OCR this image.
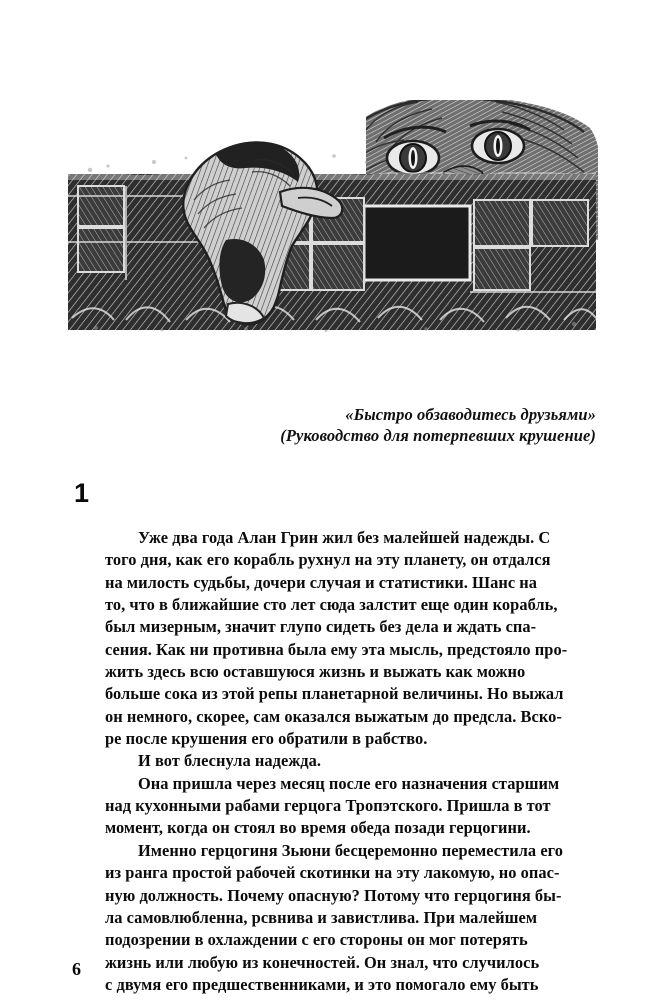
«Быстро обзаводитесь друзьями»
(Руководство для потерпевших крушение)
1

Уже два года Алан Грин жил без малейшей надежды. С
того дня, как его корабль рухнул на эту планету, он отдался
на милость судьбы, дочери случая и статистики. Шанс на
то, что в ближайшие сто лет сюда залстит еще один корабль,
был мизерным, значит глупо сидеть без дела и ждать спа-
сения. Как ни противна была ему эта мысль, предстояло про-
жить здесь всю оставшуюся жизнь и выжать как можно
больше сока из этой репы планетарной величины. Но выжал
он немного, скорее, сам оказался выжатым до предсла. Вско-
ре после крушения его обратили в рабство.

И вот блеснула надежда.

Она пришла через месяц после его назначения старшим
над кухонными рабами герцога Тропэтского. Пришла в тот
момент, когда он стоял во время обеда позади герцогини.

Именно герцогиня Зьюни бесцеремонно переместила его
из ранга простой рабочей скотинки на эту лакомую, но опас-
ную должность. Почему опасную? Потому что герцогиня бы-
ла самовлюбленна, рсвнива и завистлива. При малейшем
подозрении в охлаждении с его стороны он мог потерять
жизнь или любую из конечностей. Он знал, что случилось
с двумя его предшественниками, и это помогало ему быть

6
